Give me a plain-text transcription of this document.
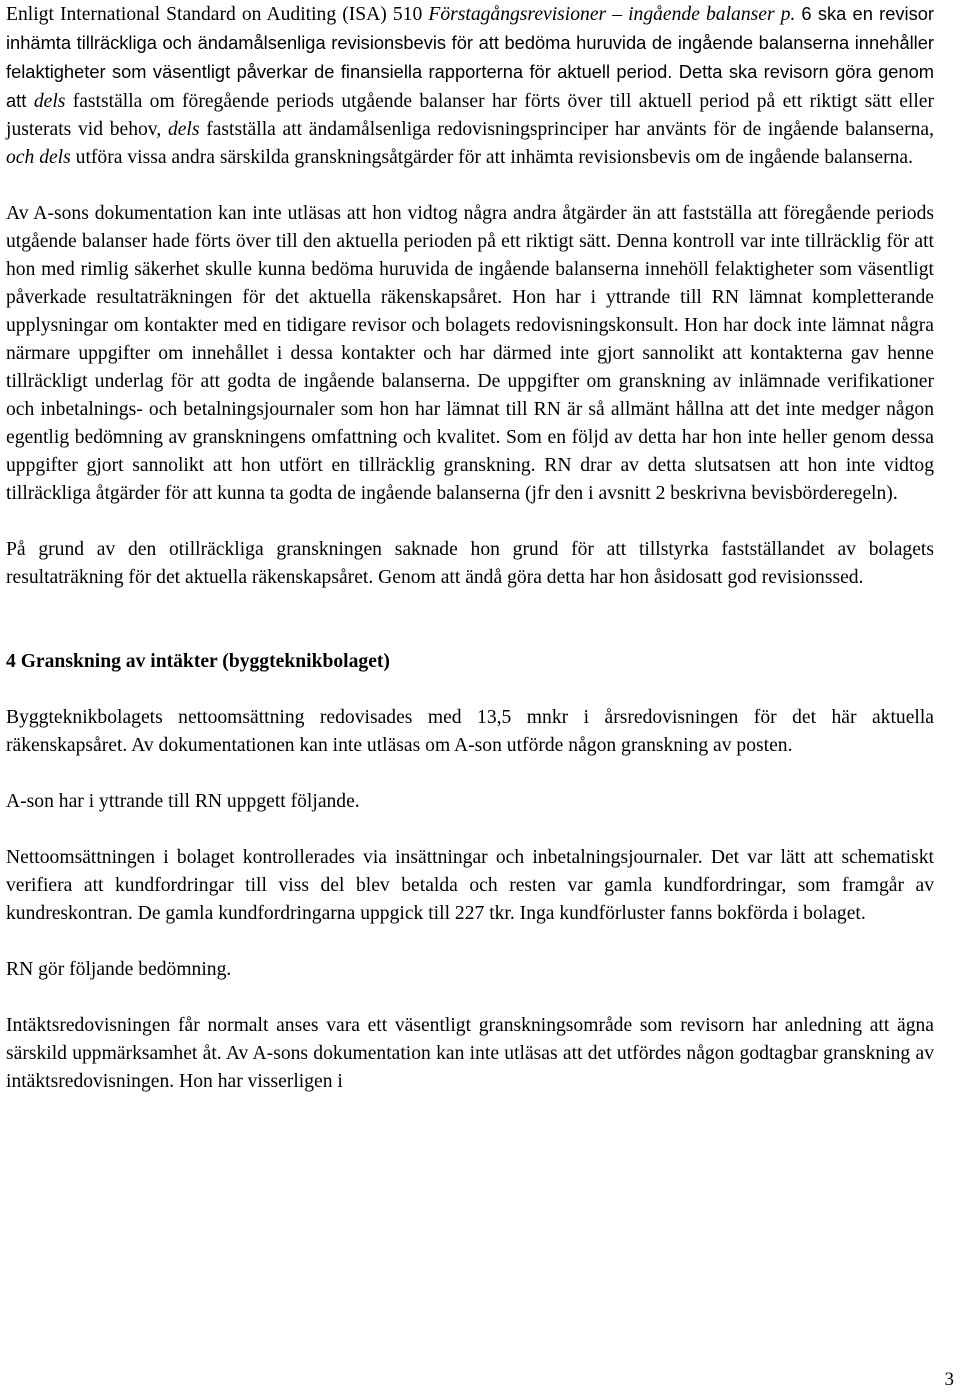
Enligt International Standard on Auditing (ISA) 510 Förstagångsrevisioner – ingående balanser p. 6 ska en revisor inhämta tillräckliga och ändamålsenliga revisionsbevis för att bedöma huruvida de ingående balanserna innehåller felaktigheter som väsentligt påverkar de finansiella rapporterna för aktuell period. Detta ska revisorn göra genom att dels fastställa om föregående periods utgående balanser har förts över till aktuell period på ett riktigt sätt eller justerats vid behov, dels fastställa att ändamålsenliga redovisningsprinciper har använts för de ingående balanserna, och dels utföra vissa andra särskilda granskningsåtgärder för att inhämta revisionsbevis om de ingående balanserna.

Av A-sons dokumentation kan inte utläsas att hon vidtog några andra åtgärder än att fastställa att föregående periods utgående balanser hade förts över till den aktuella perioden på ett riktigt sätt. Denna kontroll var inte tillräcklig för att hon med rimlig säkerhet skulle kunna bedöma huruvida de ingående balanserna innehöll felaktigheter som väsentligt påverkade resultaträkningen för det aktuella räkenskapsåret. Hon har i yttrande till RN lämnat kompletterande upplysningar om kontakter med en tidigare revisor och bolagets redovisningskonsult. Hon har dock inte lämnat några närmare uppgifter om innehållet i dessa kontakter och har därmed inte gjort sannolikt att kontakterna gav henne tillräckligt underlag för att godta de ingående balanserna. De uppgifter om granskning av inlämnade verifikationer och inbetalnings- och betalningsjournaler som hon har lämnat till RN är så allmänt hållna att det inte medger någon egentlig bedömning av granskningens omfattning och kvalitet. Som en följd av detta har hon inte heller genom dessa uppgifter gjort sannolikt att hon utfört en tillräcklig granskning. RN drar av detta slutsatsen att hon inte vidtog tillräckliga åtgärder för att kunna ta godta de ingående balanserna (jfr den i avsnitt 2 beskrivna bevisbörderegeln).

På grund av den otillräckliga granskningen saknade hon grund för att tillstyrka fastställandet av bolagets resultaträkning för det aktuella räkenskapsåret. Genom att ändå göra detta har hon åsidosatt god revisionssed.

4 Granskning av intäkter (byggteknikbolaget)

Byggteknikbolagets nettoomsättning redovisades med 13,5 mnkr i årsredovisningen för det här aktuella räkenskapsåret. Av dokumentationen kan inte utläsas om A-son utförde någon granskning av posten.

A-son har i yttrande till RN uppgett följande.

Nettoomsättningen i bolaget kontrollerades via insättningar och inbetalningsjournaler. Det var lätt att schematiskt verifiera att kundfordringar till viss del blev betalda och resten var gamla kundfordringar, som framgår av kundreskontran. De gamla kundfordringarna uppgick till 227 tkr. Inga kundförluster fanns bokförda i bolaget.

RN gör följande bedömning.

Intäktsredovisningen får normalt anses vara ett väsentligt granskningsområde som revisorn har anledning att ägna särskild uppmärksamhet åt. Av A-sons dokumentation kan inte utläsas att det utfördes någon godtagbar granskning av intäktsredovisningen. Hon har visserligen i

3
